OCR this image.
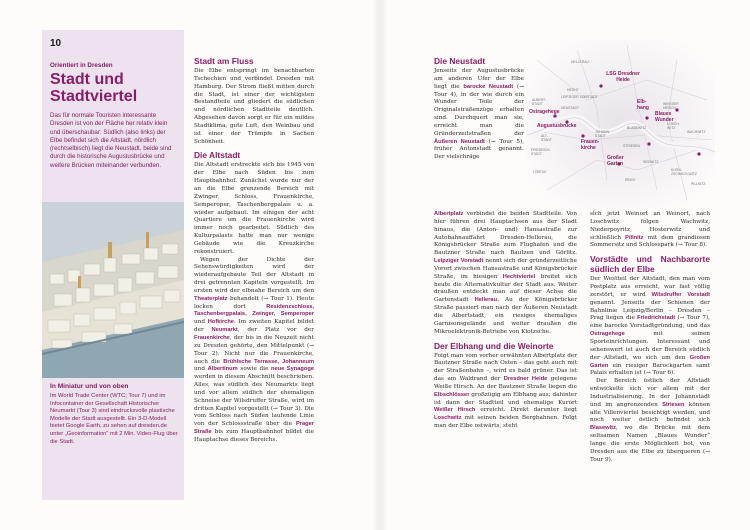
10
Orientiert in Dresden
Stadt und
Stadtviertel
Das für normale Touristen interessante Dresden ist von der Fläche her relativ klein und überschaubar: Südlich (also links) der Elbe befindet sich die Altstadt, nördlich (rechtselbisch) liegt die Neustadt, beide sind durch die historische Augustusbrücke und weitere Brücken miteinander verbunden.
In Miniatur und von oben
Im World Trade Center (WTC; Tour 7) und im Infocontainer der Gesellschaft Historischer Neumarkt (Tour 3) sind eindrucksvolle plastische Modelle der Stadt ausgestellt. Ein 3-D-Modell bietet Google Earth, zu sehen auf dresden.de unter „Geoinformation“ mit 2 Min. Video-Flug über die Stadt.
Stadt am Fluss

Die Elbe entspringt im benachbarten Tschechien und verbindet Dresden mit Hamburg. Der Strom fließt mitten durch die Stadt, ist einer der wichtigsten Bestandteile und gliedert die südlichen und nördlichen Stadtteile deutlich. Abgesehen davon sorgt er für ein mildes Stadtklima, gute Luft, den Weinbau und ist einer der Trümpfe in Sachen Schönheit.

Die Altstadt

Die Altstadt erstreckte sich bis 1945 von der Elbe nach Süden bis zum Hauptbahnhof. Zunächst wurde nur der an die Elbe grenzende Bereich mit Zwinger, Schloss, Frauenkirche, Semperoper, Taschenbergpalais u. a. wieder aufgebaut. Im einigen der acht Quartiere um die Frauenkirche wird immer noch gearbeitet. Südlich des Kulturpalasts hatte man nur wenige Gebäude wie die Kreuzkirche rekonstruiert.

Wegen der Dichte der Sehenswürdigkeiten wird der wiederaufgebaute Teil der Altstadt in drei getrennten Kapiteln vorgestellt. Im ersten wird der elbnahe Bereich um den Theaterplatz behandelt (→ Tour 1). Heute locken dort Residenzschloss, Taschenbergpalais, Zwinger, Semperoper und Hofkirche. Im zweiten Kapitel bildet der Neumarkt, der Platz vor der Frauenkirche, der bis in die Neuzeit nicht zu Dresden gehörte, den Mittelpunkt (→ Tour 2). Nicht nur die Frauenkirche, auch die Brühlsche Terrasse, Johanneum und Albertinum sowie die neue Synagoge werden in diesem Abschnitt beschrieben. Alles, was südlich des Neumarkts liegt und vor allem südlich der ehemaligen Schneise der Wilsdruffer Straße, wird im dritten Kapitel vorgestellt (→ Tour 3). Die vom Schloss nach Süden laufende Linie von der Schlossstraße über die Prager Straße bis zum Hauptbahnhof bildet die Hauptachse dieses Bereichs.

Die Neustadt

Jenseits der Augustusbrücke am anderen Ufer der Elbe liegt die barocke Neustadt (→ Tour 4), in der wie durch ein Wunder Teile der Originalstraßenzüge erhalten sind. Durchquert man sie, erreicht man die Gründerzeitstraßen der Äußeren Neustadt (→ Tour 5), früher Antonstadt genannt. Der vielschräge

Albertplatz verbindet die beiden Stadtteile. Von hier führen drei Hauptachsen aus der Stadt hinaus, die (Anton- und) Hansastraße zur Autobahnauffahrt Dresden-Hellerau, die Königsbrücker Straße zum Flughafen und die Bautzner Straße nach Bautzen und Görlitz. Leipziger Vorstadt nennt sich der gründerzeitliche Vorort zwischen Hansastraße und Königsbrücker Straße, im hiesigen Hechtviertel breitet sich heute die Alternativkultur der Stadt aus. Weiter draußen entdeckt man auf dieser Achse die Gartenstadt Hellerau. Au der Königsbrücker Straße passiert man nach der Äußeren Neustadt die Albertstadt, ein riesiges ehemaliges Garnisonsgelände und weiter draußen die Mikroelektronik-Betriebe von Klotzsche.

Der Elbhang und die Weinorte

Folgt man vom vorher erwähnten Albertplatz der Bautzner Straße nach Osten – das geht auch mit der Straßenbahn –, wird es bald grüner. Das ist das am Waldrand der Dresdner Heide gelegene Weiße Hirsch. An der Bautzner Straße liegen die Elbschlösser großzügig am Elbhang aus; dahinter ist dann der Stadtteil und ehemalige Kurort Weißer Hirsch erreicht. Direkt darunter liegt Loschwitz mit seinen beiden Bergbahnen. Folgt man der Elbe ostwärts, steht

sich jetzt Weinort an Weinort, nach Loschwitz folgen Wachwitz, Niederpoyritz, Hosterwitz und schließlich Pillnitz mit dem grandiosen Sommersitz und Schlosspark (→ Tour 8).

Vorstädte und Nachbarorte südlich der Elbe

Der Westteil der Altstadt, den man vom Postplatz aus erreicht, war fast völlig zerstört, er wird Wilsdruffer Vorstadt genannt. Jenseits der Schienen der Bahnlinie Leipzig/Berlin – Dresden – Prag liegen die Friedrichstadt (→ Tour 7), eine barocke Vorstadtgründung, und das Ostragehege mit seinen Sporteinrichtungen. Interessant und sehenswert ist auch der Bereich südlich der Altstadt, wo sich um den Großen Garten ein riesiger Barockgarten samt Palais erhalten ist (→ Tour 6).

Der Bereich östlich der Altstadt entwickelte sich vor allem mit der Industrialisierung. In der Johannstadt und im angrenzenden Striesen können alte Villenviertel besichtigt werden, und noch weiter östlich befindet sich Blasewitz, wo die Brücke mit dem seltsamen Namen „Blaues Wunder“ lange die erste Möglichkeit bot, von Dresden aus die Elbe zu überqueren (→ Tour 9).

HELLERAU
LSG Dresdner Heide
ALBERT-STADT
LEIPZIGER VORSTADT
HECHT
NEUSTADT
Ostragehege
Elb-hang
WEISSER HIRSCH
Augustusbrücke
ALT-STADT
JOHANN-STADT
LOSCH-WITZ
Blaues Wunder
BLASEWITZ
STRIESEN
Frauen-kirche
FRIEDRICH-STADT
Großer Garten
WACHWITZ
PILLNITZ
SEIDNITZ
REICK
LÖBTAU	KLEIN-ZSCHACH-WITZ
